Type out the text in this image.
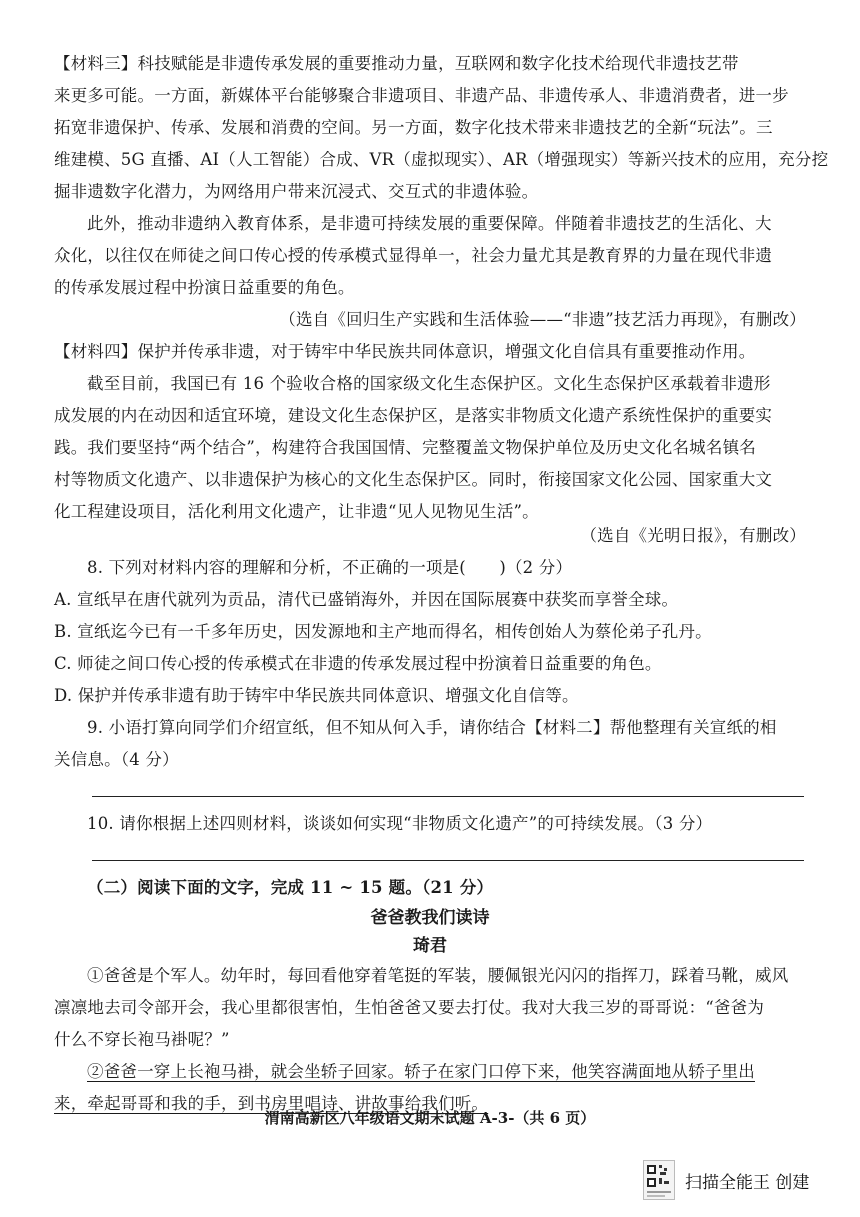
【材料三】科技赋能是非遗传承发展的重要推动力量，互联网和数字化技术给现代非遗技艺带
来更多可能。一方面，新媒体平台能够聚合非遗项目、非遗产品、非遗传承人、非遗消费者，进一步
拓宽非遗保护、传承、发展和消费的空间。另一方面，数字化技术带来非遗技艺的全新“玩法”。三
维建模、5G 直播、AI（人工智能）合成、VR（虚拟现实）、AR（增强现实）等新兴技术的应用，充分挖
掘非遗数字化潜力，为网络用户带来沉浸式、交互式的非遗体验。
此外，推动非遗纳入教育体系，是非遗可持续发展的重要保障。伴随着非遗技艺的生活化、大
众化，以往仅在师徒之间口传心授的传承模式显得单一，社会力量尤其是教育界的力量在现代非遗
的传承发展过程中扮演日益重要的角色。
（选自《回归生产实践和生活体验——“非遗”技艺活力再现》，有删改）
【材料四】保护并传承非遗，对于铸牢中华民族共同体意识，增强文化自信具有重要推动作用。
截至目前，我国已有 16 个验收合格的国家级文化生态保护区。文化生态保护区承载着非遗形
成发展的内在动因和适宜环境，建设文化生态保护区，是落实非物质文化遗产系统性保护的重要实
践。我们要坚持“两个结合”，构建符合我国国情、完整覆盖文物保护单位及历史文化名城名镇名
村等物质文化遗产、以非遗保护为核心的文化生态保护区。同时，衔接国家文化公园、国家重大文
化工程建设项目，活化利用文化遗产，让非遗“见人见物见生活”。
（选自《光明日报》，有删改）
8. 下列对材料内容的理解和分析，不正确的一项是(　　)（2 分）
A. 宣纸早在唐代就列为贡品，清代已盛销海外，并因在国际展赛中获奖而享誉全球。
B. 宣纸迄今已有一千多年历史，因发源地和主产地而得名，相传创始人为蔡伦弟子孔丹。
C. 师徒之间口传心授的传承模式在非遗的传承发展过程中扮演着日益重要的角色。
D. 保护并传承非遗有助于铸牢中华民族共同体意识、增强文化自信等。
9. 小语打算向同学们介绍宣纸，但不知从何入手，请你结合【材料二】帮他整理有关宣纸的相
关信息。（4 分）
10. 请你根据上述四则材料，谈谈如何实现“非物质文化遗产”的可持续发展。（3 分）
（二）阅读下面的文字，完成 11 ~ 15 题。（21 分）
爸爸教我们读诗
琦君
①爸爸是个军人。幼年时，每回看他穿着笔挺的军装，腰佩银光闪闪的指挥刀，踩着马靴，威风
凛凛地去司令部开会，我心里都很害怕，生怕爸爸又要去打仗。我对大我三岁的哥哥说：“爸爸为
什么不穿长袍马褂呢？”
②爸爸一穿上长袍马褂，就会坐轿子回家。轿子在家门口停下来，他笑容满面地从轿子里出
来，牵起哥哥和我的手，到书房里唱诗、讲故事给我们听。
渭南高新区八年级语文期末试题 A-3-（共 6 页）
扫描全能王 创建
